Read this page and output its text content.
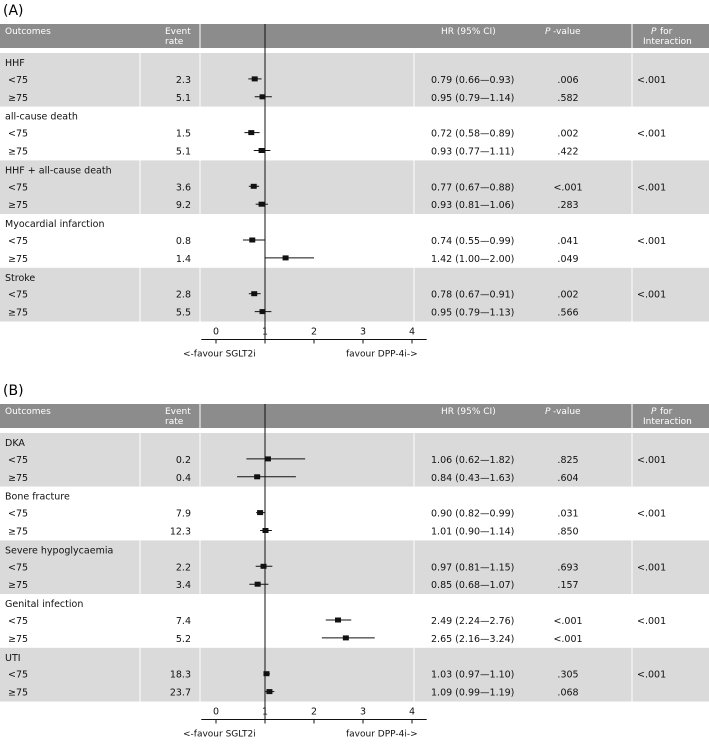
(A)
Outcomes	Event
rate
HR (95% CI)	P -value	P for
Interaction
HHF
<75	2.3	0.79 (0.66—0.93)	.006	<.001
≥75	5.1	0.95 (0.79—1.14)	.582
all-cause death
<75	1.5	0.72 (0.58—0.89)	.002	<.001
≥75	5.1	0.93 (0.77—1.11)	.422
HHF + all-cause death
<75	3.6	0.77 (0.67—0.88)	<.001	<.001
≥75	9.2	0.93 (0.81—1.06)	.283
Myocardial infarction
<75	0.8	0.74 (0.55—0.99)	.041	<.001
≥75	1.4	1.42 (1.00—2.00)	.049
Stroke
<75	2.8	0.78 (0.67—0.91)	.002	<.001
≥75	5.5	0.95 (0.79—1.13)	.566
0	1	2	3	4
<-favour SGLT2i	favour DPP-4i->
(B)
Outcomes	Event
rate
HR (95% CI)	P -value	P for
Interaction
DKA
<75	0.2	1.06 (0.62—1.82)	.825	<.001
≥75	0.4	0.84 (0.43—1.63)	.604
Bone fracture
<75	7.9	0.90 (0.82—0.99)	.031	<.001
≥75	12.3	1.01 (0.90—1.14)	.850
Severe hypoglycaemia
<75	2.2	0.97 (0.81—1.15)	.693	<.001
≥75	3.4	0.85 (0.68—1.07)	.157
Genital infection
<75	7.4	2.49 (2.24—2.76)	<.001	<.001
≥75	5.2	2.65 (2.16—3.24)	<.001
UTI
<75	18.3	1.03 (0.97—1.10)	.305	<.001
≥75	23.7	1.09 (0.99—1.19)	.068
0	1	2	3	4
<-favour SGLT2i	favour DPP-4i->
